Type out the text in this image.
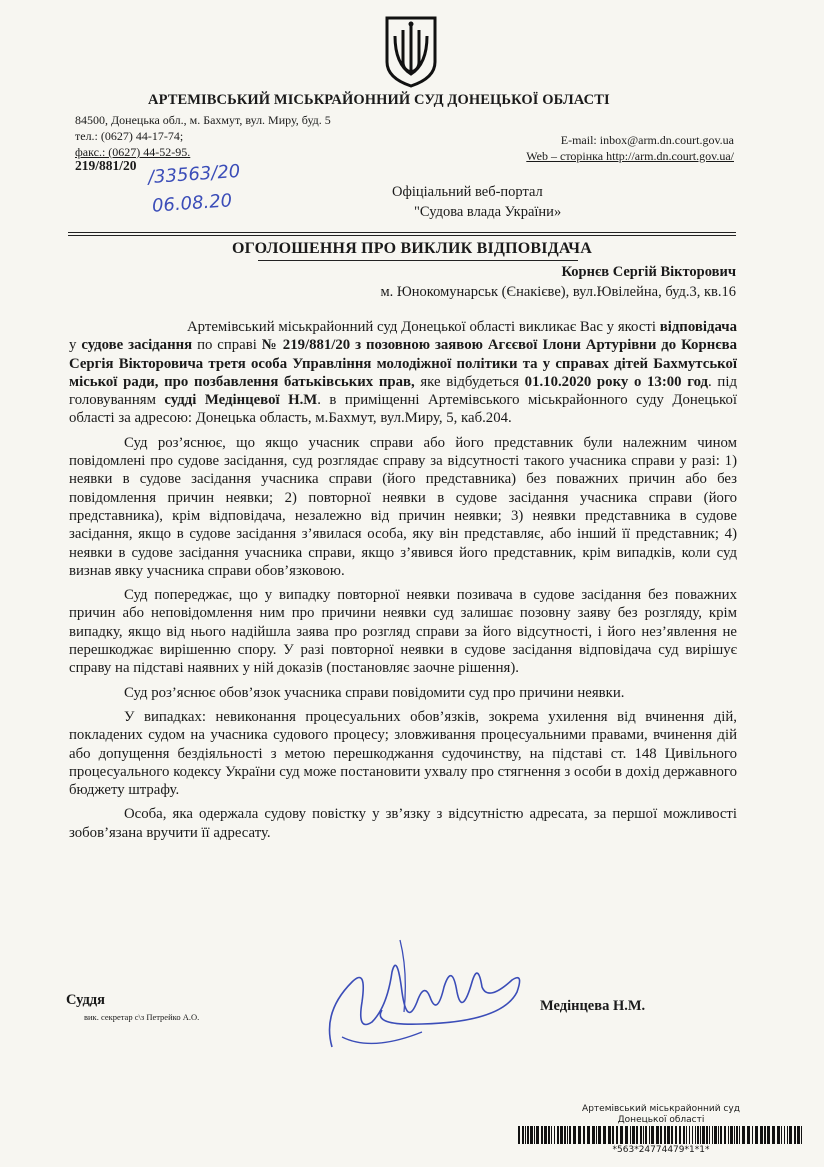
АРТЕМІВСЬКИЙ МІСЬКРАЙОННИЙ СУД ДОНЕЦЬКОЇ ОБЛАСТІ
84500, Донецька обл., м. Бахмут, вул. Миру, буд. 5
тел.: (0627) 44-17-74;
факс.: (0627) 44-52-95.
E-mail: inbox@arm.dn.court.gov.ua
Web – сторінка http://arm.dn.court.gov.ua/
219/881/20 /33563/20
06.08.20	Офіціальний веб-портал
"Судова влада України»
ОГОЛОШЕННЯ ПРО ВИКЛИК ВІДПОВІДАЧА
Корнєв Сергій Вікторович
м. Юнокомунарськ (Єнакієве), вул.Ювілейна, буд.3, кв.16

Артемівський міськрайонний суд Донецької області викликає Вас у якості відповідача у судове засідання по справі № 219/881/20 з позовною заявою Агєєвої Ілони Артурівни до Корнєва Сергія Вікторовича третя особа Управління молодіжної політики та у справах дітей Бахмутської міської ради, про позбавлення батьківських прав, яке відбудеться 01.10.2020 року о 13:00 год. під головуванням судді Медінцевої Н.М. в приміщенні Артемівського міськрайонного суду Донецької області за адресою: Донецька область, м.Бахмут, вул.Миру, 5, каб.204.

Суд роз’яснює, що якщо учасник справи або його представник були належним чином повідомлені про судове засідання, суд розглядає справу за відсутності такого учасника справи у разі: 1) неявки в судове засідання учасника справи (його представника) без поважних причин або без повідомлення причин неявки; 2) повторної неявки в судове засідання учасника справи (його представника), крім відповідача, незалежно від причин неявки; 3) неявки представника в судове засідання, якщо в судове засідання з’явилася особа, яку він представляє, або інший її представник; 4) неявки в судове засідання учасника справи, якщо з’явився його представник, крім випадків, коли суд визнав явку учасника справи обов’язковою.

Суд попереджає, що у випадку повторної неявки позивача в судове засідання без поважних причин або неповідомлення ним про причини неявки суд залишає позовну заяву без розгляду, крім випадку, якщо від нього надійшла заява про розгляд справи за його відсутності, і його нез’явлення не перешкоджає вирішенню спору. У разі повторної неявки в судове засідання відповідача суд вирішує справу на підставі наявних у ній доказів (постановляє заочне рішення).

Суд роз’яснює обов’язок учасника справи повідомити суд про причини неявки.

У випадках: невиконання процесуальних обов’язків, зокрема ухилення від вчинення дій, покладених судом на учасника судового процесу; зловживання процесуальними правами, вчинення дій або допущення бездіяльності з метою перешкоджання судочинству, на підставі ст. 148 Цивільного процесуального кодексу України суд може постановити ухвалу про стягнення з особи в дохід державного бюджету штрафу.

Особа, яка одержала судову повістку у зв’язку з відсутністю адресата, за першої можливості зобов’язана вручити її адресату.

Суддя
вик. секретар с\з Петрейко А.О.
Медінцева Н.М.
Артемівський міськрайонний суд
Донецької області
*563*24774479*1*1*
